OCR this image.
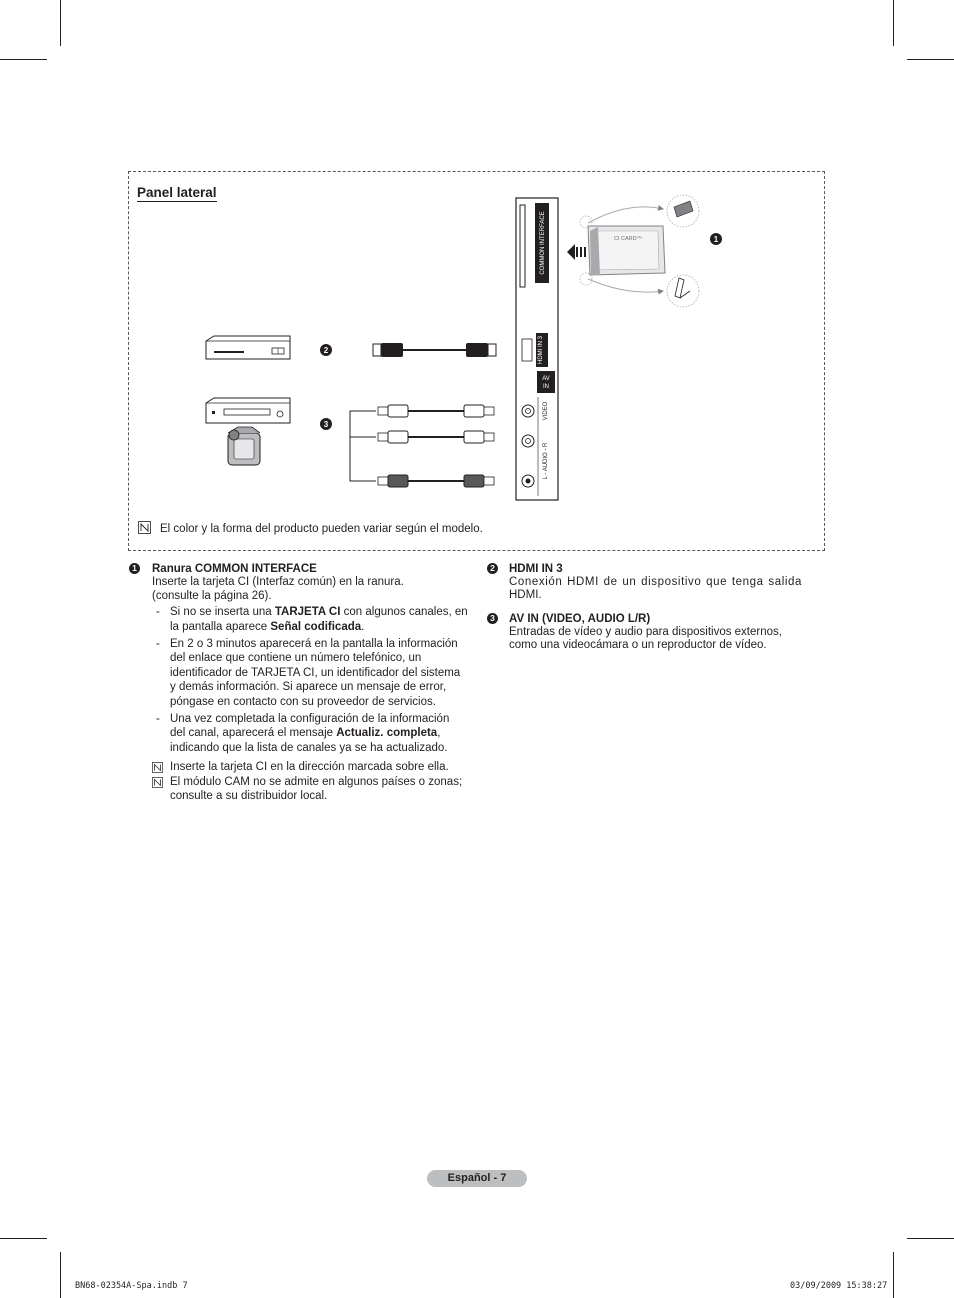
Panel lateral
COMMON INTERFACE
HDMI IN 3
AV
IN
VIDEO
L - AUDIO - R
CI CARD™	1
2
3
El color y la forma del producto pueden variar según el modelo.
1 Ranura COMMON INTERFACE
Inserte la tarjeta CI (Interfaz común) en la ranura.
(consulte la página 26).
- Si no se inserta una TARJETA CI con algunos canales, en
la pantalla aparece Señal codificada.
- En 2 o 3 minutos aparecerá en la pantalla la información
del enlace que contiene un número telefónico, un
identificador de TARJETA CI, un identificador del sistema
y demás información. Si aparece un mensaje de error,
póngase en contacto con su proveedor de servicios.
- Una vez completada la configuración de la información
del canal, aparecerá el mensaje Actualiz. completa,
indicando que la lista de canales ya se ha actualizado.
Inserte la tarjeta CI en la dirección marcada sobre ella.
El módulo CAM no se admite en algunos países o zonas;
consulte a su distribuidor local.
2 HDMI IN 3
Conexión HDMI de un dispositivo que tenga salida
HDMI.
3 AV IN (VIDEO, AUDIO L/R)
Entradas de vídeo y audio para dispositivos externos,
como una videocámara o un reproductor de vídeo.
Español - 7
BN68-02354A-Spa.indb 7	03/09/2009 15:38:27
